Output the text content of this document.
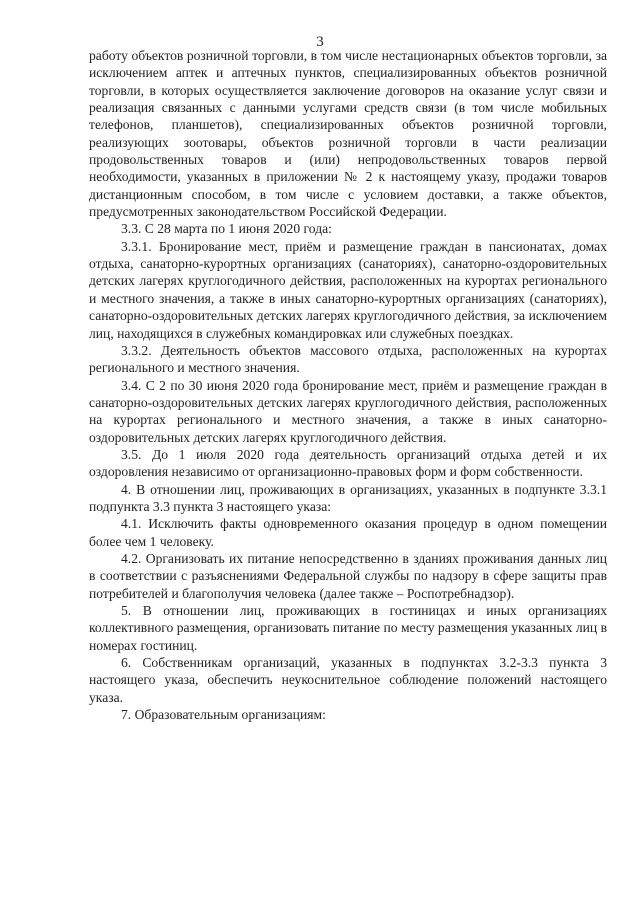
3

работу объектов розничной торговли, в том числе нестационарных объектов торговли, за исключением аптек и аптечных пунктов, специализированных объектов розничной торговли, в которых осуществляется заключение договоров на оказание услуг связи и реализация связанных с данными услугами средств связи (в том числе мобильных телефонов, планшетов), специализированных объектов розничной торговли, реализующих зоотовары, объектов розничной торговли в части реализации продовольственных товаров и (или) непродовольственных товаров первой необходимости, указанных в приложении № 2 к настоящему указу, продажи товаров дистанционным способом, в том числе с условием доставки, а также объектов, предусмотренных законодательством Российской Федерации.

3.3. С 28 марта по 1 июня 2020 года:

3.3.1. Бронирование мест, приём и размещение граждан в пансионатах, домах отдыха, санаторно-курортных организациях (санаториях), санаторно-оздоровительных детских лагерях круглогодичного действия, расположенных на курортах регионального и местного значения, а также в иных санаторно-курортных организациях (санаториях), санаторно-оздоровительных детских лагерях круглогодичного действия, за исключением лиц, находящихся в служебных командировках или служебных поездках.

3.3.2. Деятельность объектов массового отдыха, расположенных на курортах регионального и местного значения.

3.4. С 2 по 30 июня 2020 года бронирование мест, приём и размещение граждан в санаторно-оздоровительных детских лагерях круглогодичного действия, расположенных на курортах регионального и местного значения, а также в иных санаторно-оздоровительных детских лагерях круглогодичного действия.

3.5. До 1 июля 2020 года деятельность организаций отдыха детей и их оздоровления независимо от организационно-правовых форм и форм собственности.

4. В отношении лиц, проживающих в организациях, указанных в подпункте 3.3.1 подпункта 3.3 пункта 3 настоящего указа:

4.1. Исключить факты одновременного оказания процедур в одном помещении более чем 1 человеку.

4.2. Организовать их питание непосредственно в зданиях проживания данных лиц в соответствии с разъяснениями Федеральной службы по надзору в сфере защиты прав потребителей и благополучия человека (далее также – Роспотребнадзор).

5. В отношении лиц, проживающих в гостиницах и иных организациях коллективного размещения, организовать питание по месту размещения указанных лиц в номерах гостиниц.

6. Собственникам организаций, указанных в подпунктах 3.2-3.3 пункта 3 настоящего указа, обеспечить неукоснительное соблюдение положений настоящего указа.

7. Образовательным организациям:
